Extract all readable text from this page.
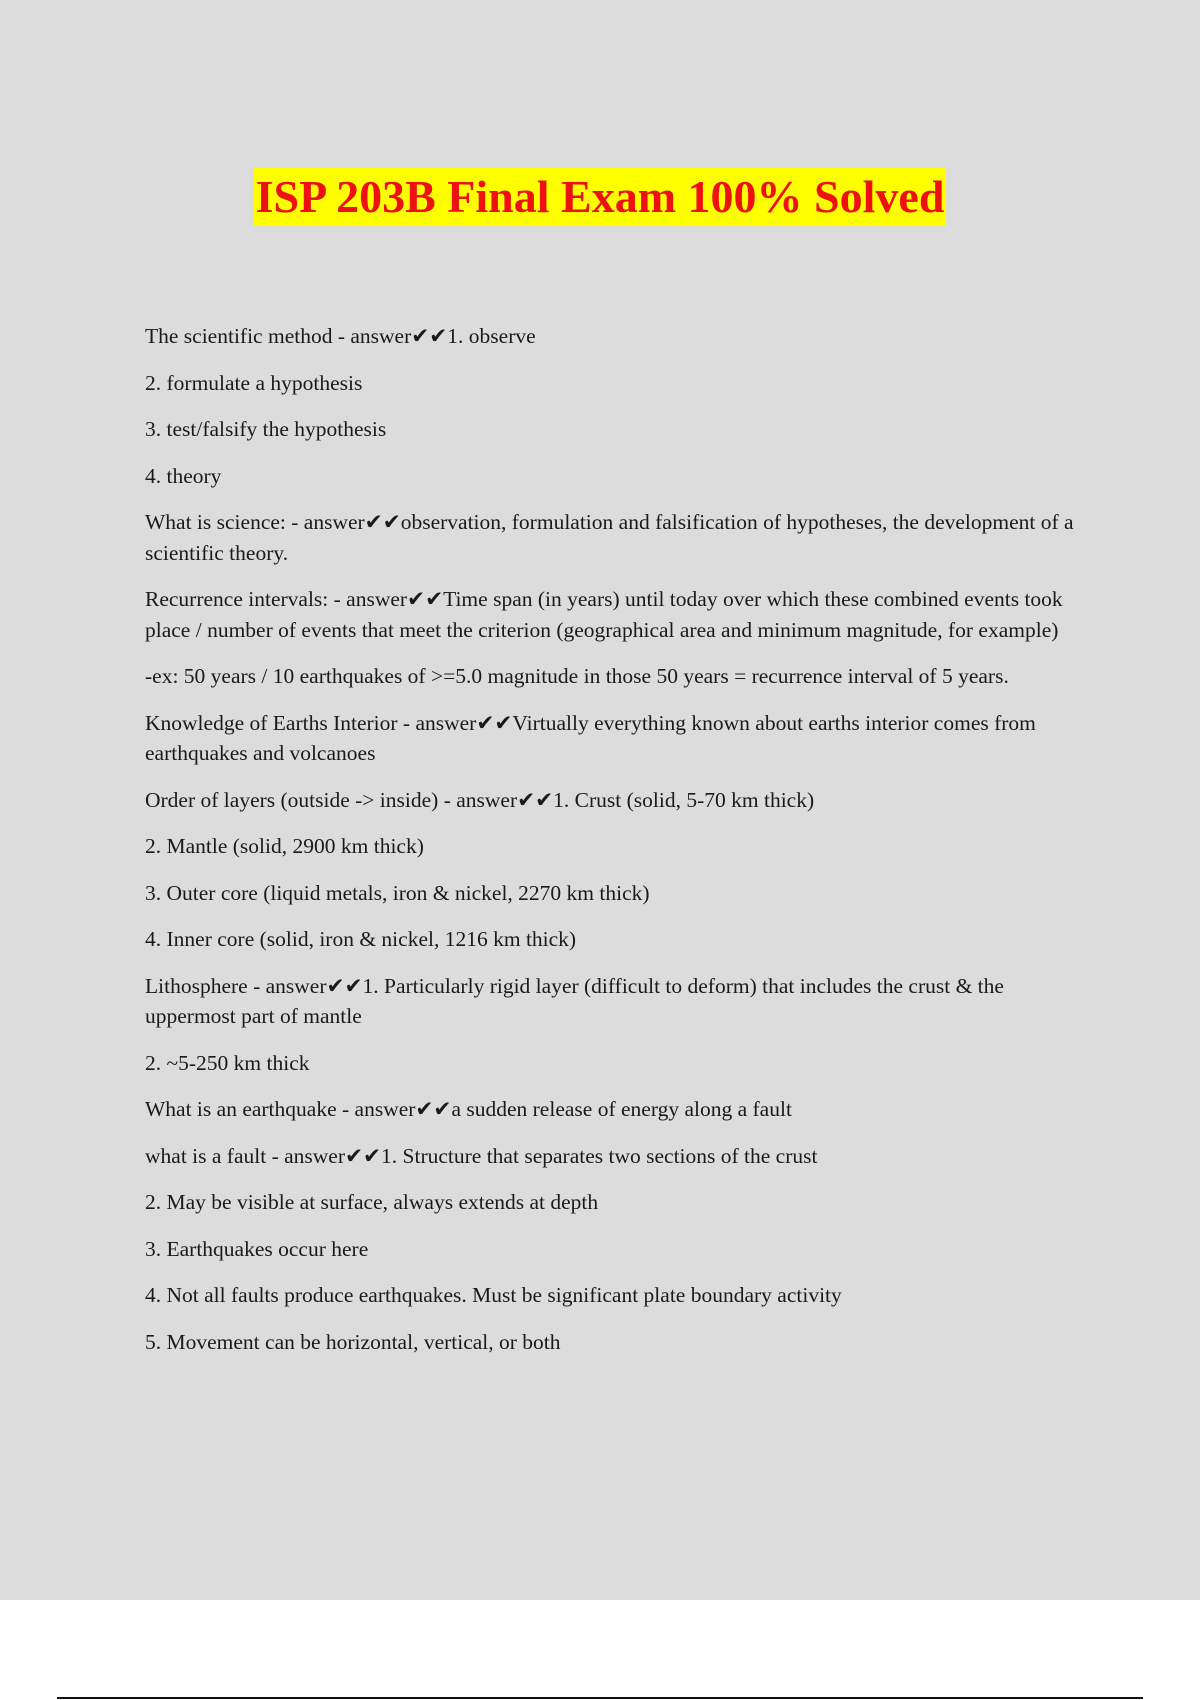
ISP 203B Final Exam 100% Solved

The scientific method - answer✔✔1. observe

2. formulate a hypothesis

3. test/falsify the hypothesis

4. theory

What is science: - answer✔✔observation, formulation and falsification of hypotheses, the development of a scientific theory.

Recurrence intervals: - answer✔✔Time span (in years) until today over which these combined events took place / number of events that meet the criterion (geographical area and minimum magnitude, for example)

-ex: 50 years / 10 earthquakes of >=5.0 magnitude in those 50 years = recurrence interval of 5 years.

Knowledge of Earths Interior - answer✔✔Virtually everything known about earths interior comes from earthquakes and volcanoes

Order of layers (outside -> inside) - answer✔✔1. Crust (solid, 5-70 km thick)

2. Mantle (solid, 2900 km thick)

3. Outer core (liquid metals, iron & nickel, 2270 km thick)

4. Inner core (solid, iron & nickel, 1216 km thick)

Lithosphere - answer✔✔1. Particularly rigid layer (difficult to deform) that includes the crust & the uppermost part of mantle

2. ~5-250 km thick

What is an earthquake - answer✔✔a sudden release of energy along a fault

what is a fault - answer✔✔1. Structure that separates two sections of the crust

2. May be visible at surface, always extends at depth

3. Earthquakes occur here

4. Not all faults produce earthquakes. Must be significant plate boundary activity

5. Movement can be horizontal, vertical, or both
